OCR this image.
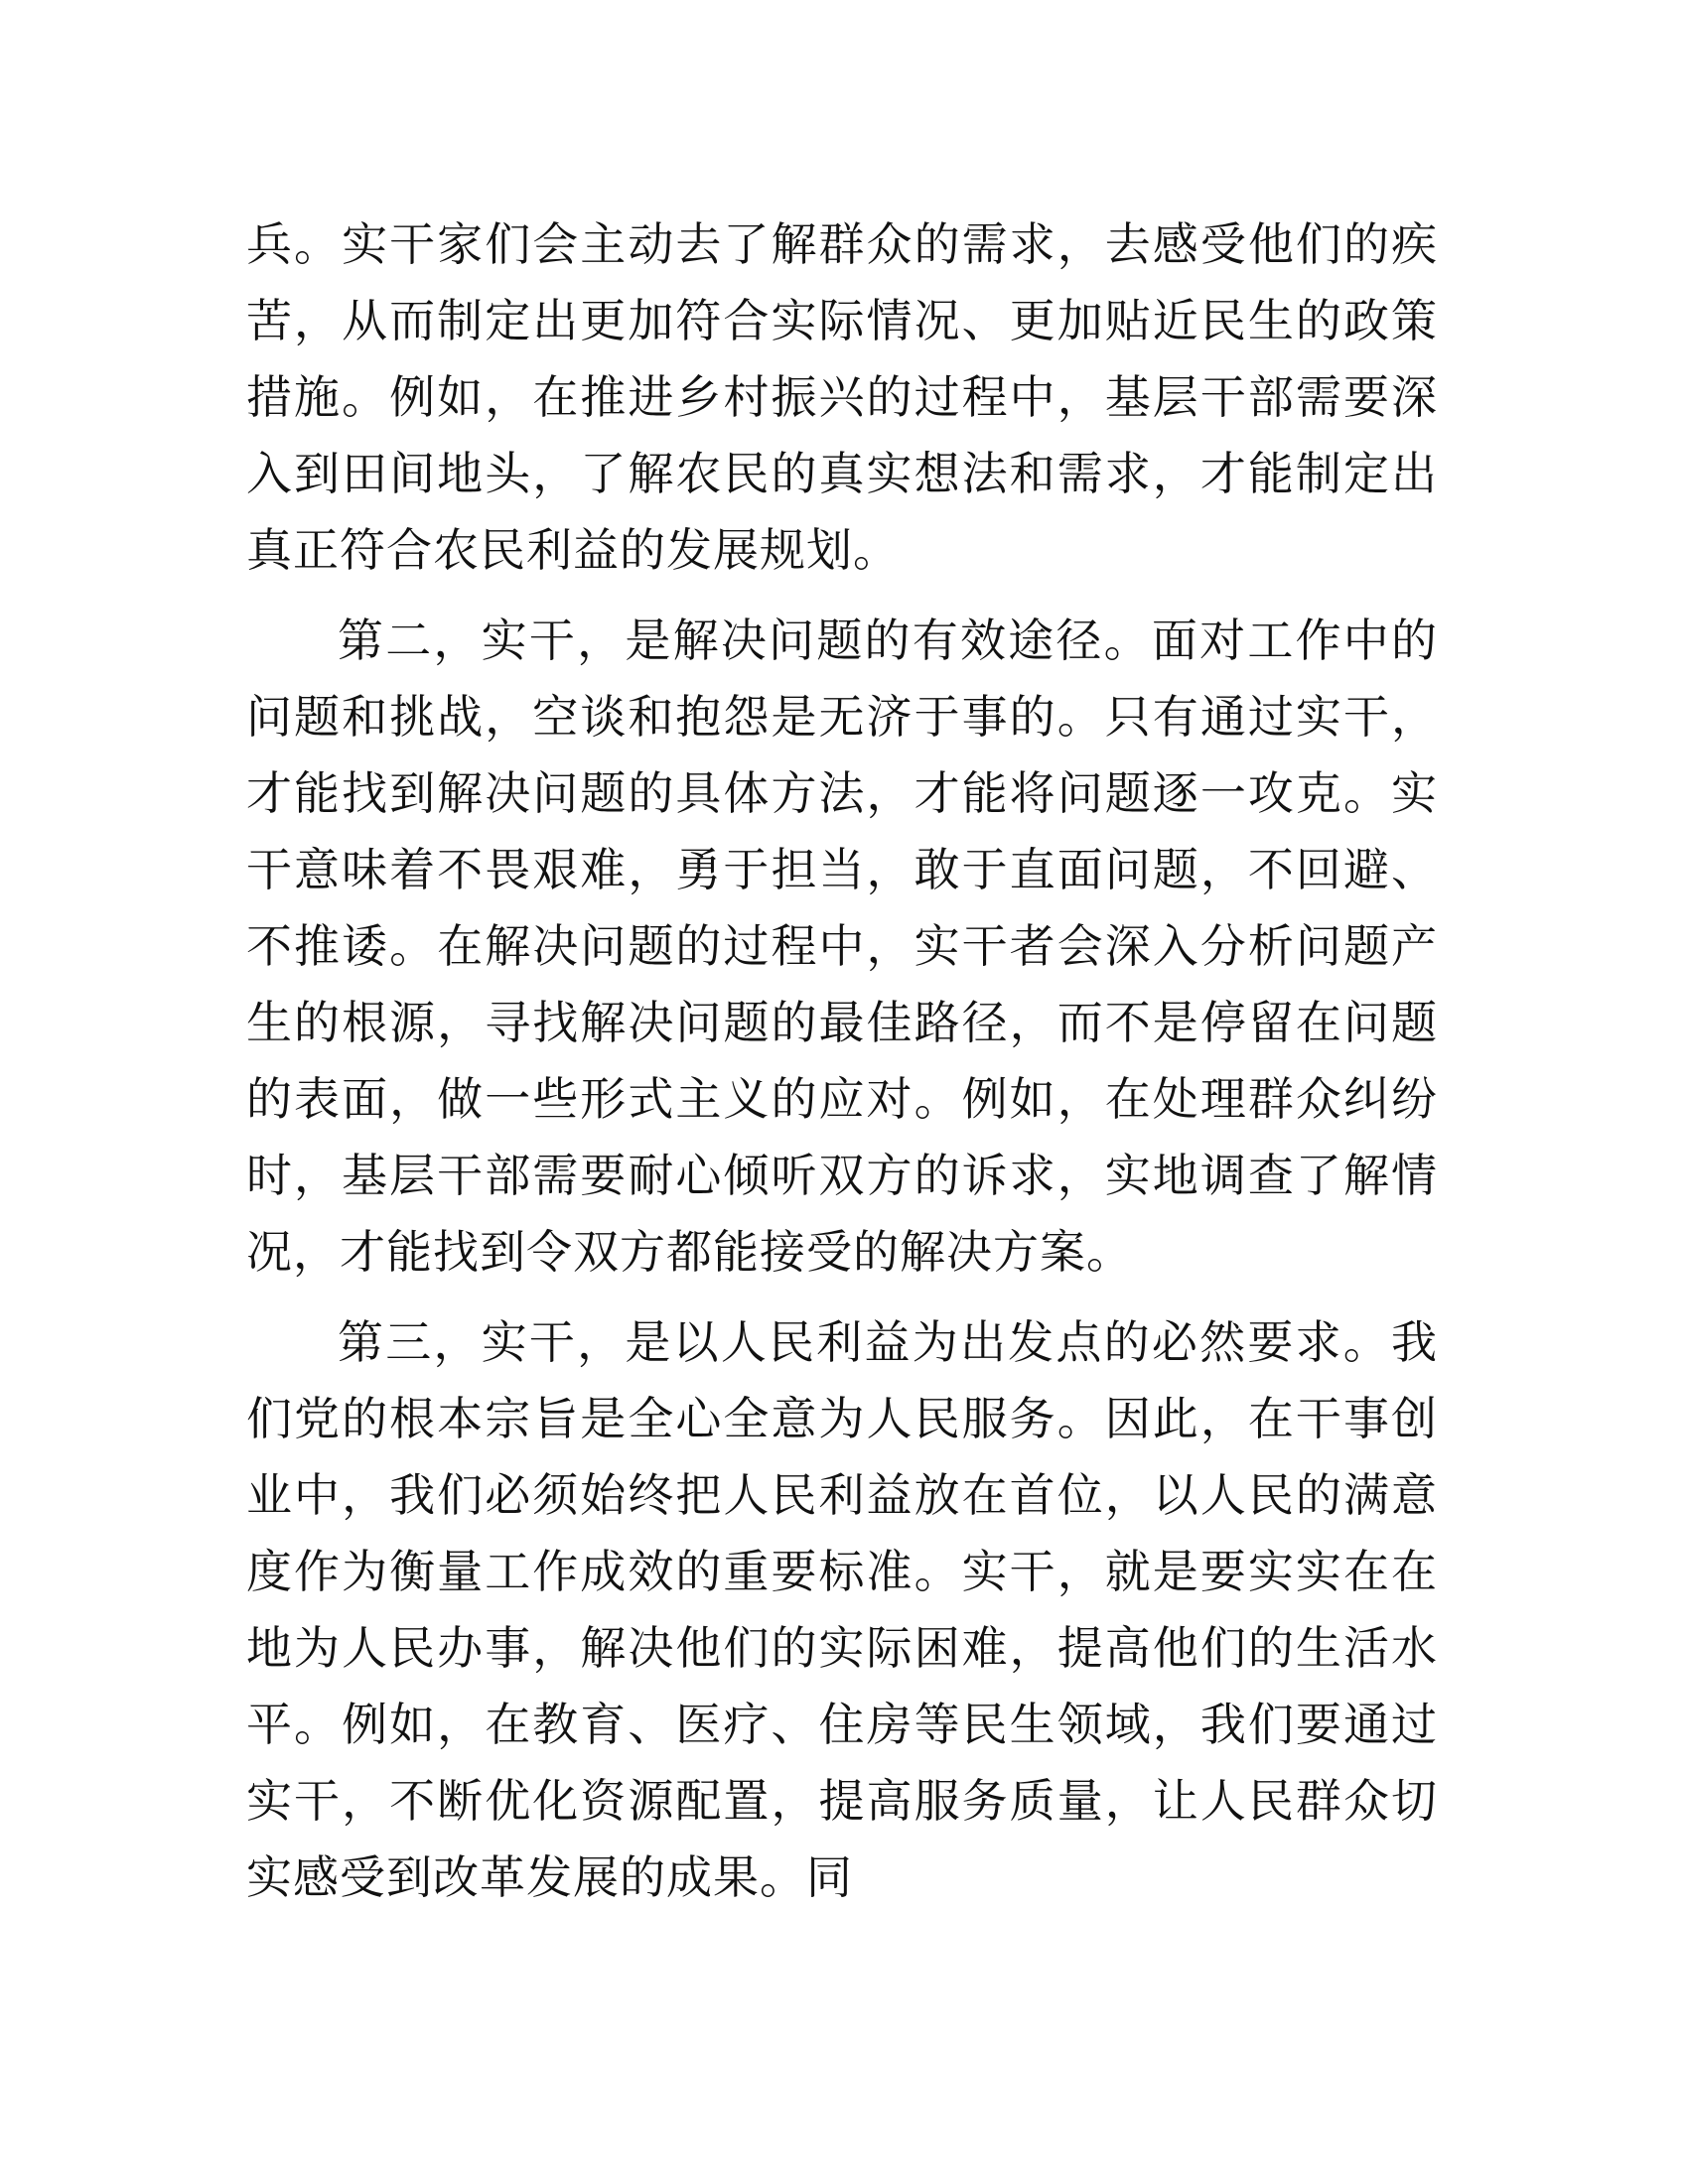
兵。实干家们会主动去了解群众的需求，去感受他们的疾苦，从而制定出更加符合实际情况、更加贴近民生的政策措施。例如，在推进乡村振兴的过程中，基层干部需要深入到田间地头，了解农民的真实想法和需求，才能制定出真正符合农民利益的发展规划。

第二，实干，是解决问题的有效途径。面对工作中的问题和挑战，空谈和抱怨是无济于事的。只有通过实干，才能找到解决问题的具体方法，才能将问题逐一攻克。实干意味着不畏艰难，勇于担当，敢于直面问题，不回避、不推诿。在解决问题的过程中，实干者会深入分析问题产生的根源，寻找解决问题的最佳路径，而不是停留在问题的表面，做一些形式主义的应对。例如，在处理群众纠纷时，基层干部需要耐心倾听双方的诉求，实地调查了解情况，才能找到令双方都能接受的解决方案。

第三，实干，是以人民利益为出发点的必然要求。我们党的根本宗旨是全心全意为人民服务。因此，在干事创业中，我们必须始终把人民利益放在首位，以人民的满意度作为衡量工作成效的重要标准。实干，就是要实实在在地为人民办事，解决他们的实际困难，提高他们的生活水平。例如，在教育、医疗、住房等民生领域，我们要通过实干，不断优化资源配置，提高服务质量，让人民群众切实感受到改革发展的成果。同
